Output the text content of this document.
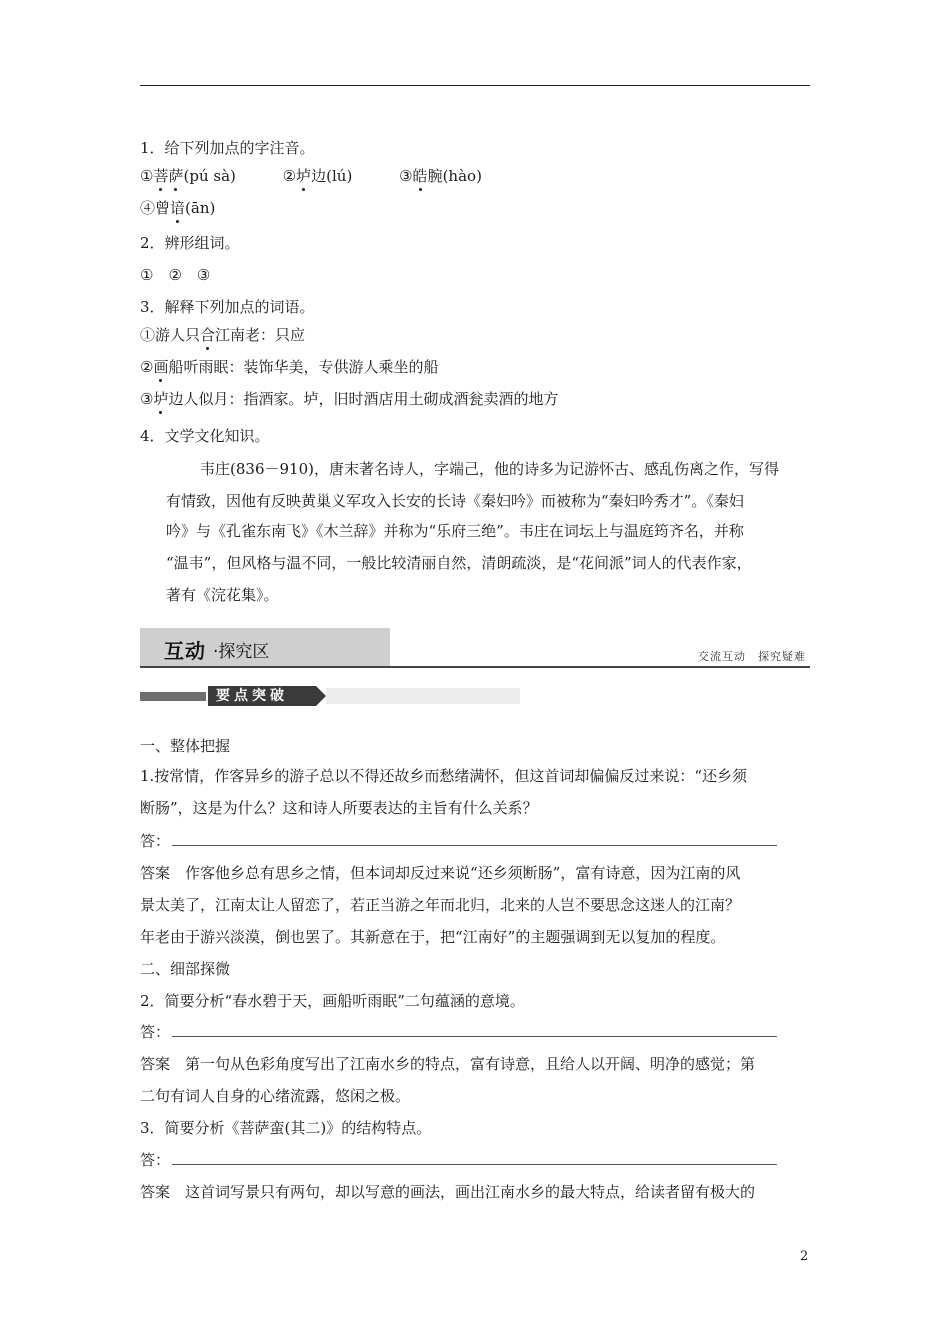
1．给下列加点的字注音。
①菩萨(pú sà)	②垆边(lú)	③皓腕(hào)
④曾谙(ān)
2．辨形组词。
①　②　③
3．解释下列加点的词语。
①游人只合江南老：只应
②画船听雨眠：装饰华美，专供游人乘坐的船
③垆边人似月：指酒家。垆，旧时酒店用土砌成酒瓮卖酒的地方
4．文学文化知识。
韦庄(836－910)，唐末著名诗人，字端己，他的诗多为记游怀古、感乱伤离之作，写得
有情致，因他有反映黄巢义军攻入长安的长诗《秦妇吟》而被称为“秦妇吟秀才”。《秦妇
吟》与《孔雀东南飞》《木兰辞》并称为“乐府三绝”。韦庄在词坛上与温庭筠齐名，并称
“温韦”，但风格与温不同，一般比较清丽自然，清朗疏淡，是“花间派”词人的代表作家，
著有《浣花集》。
互动 ·探究区	交流互动　探究疑难
要点突破
一、整体把握
1.按常情，作客异乡的游子总以不得还故乡而愁绪满怀，但这首词却偏偏反过来说：“还乡须
断肠”，这是为什么？这和诗人所要表达的主旨有什么关系？
答：
答案　作客他乡总有思乡之情，但本词却反过来说“还乡须断肠”，富有诗意，因为江南的风
景太美了，江南太让人留恋了，若正当游之年而北归，北来的人岂不要思念这迷人的江南？
年老由于游兴淡漠，倒也罢了。其新意在于，把“江南好”的主题强调到无以复加的程度。
二、细部探微
2．简要分析“春水碧于天，画船听雨眠”二句蕴涵的意境。
答：
答案　第一句从色彩角度写出了江南水乡的特点，富有诗意，且给人以开阔、明净的感觉；第
二句有词人自身的心绪流露，悠闲之极。
3．简要分析《菩萨蛮(其二)》的结构特点。
答：
答案　这首词写景只有两句，却以写意的画法，画出江南水乡的最大特点，给读者留有极大的
2
